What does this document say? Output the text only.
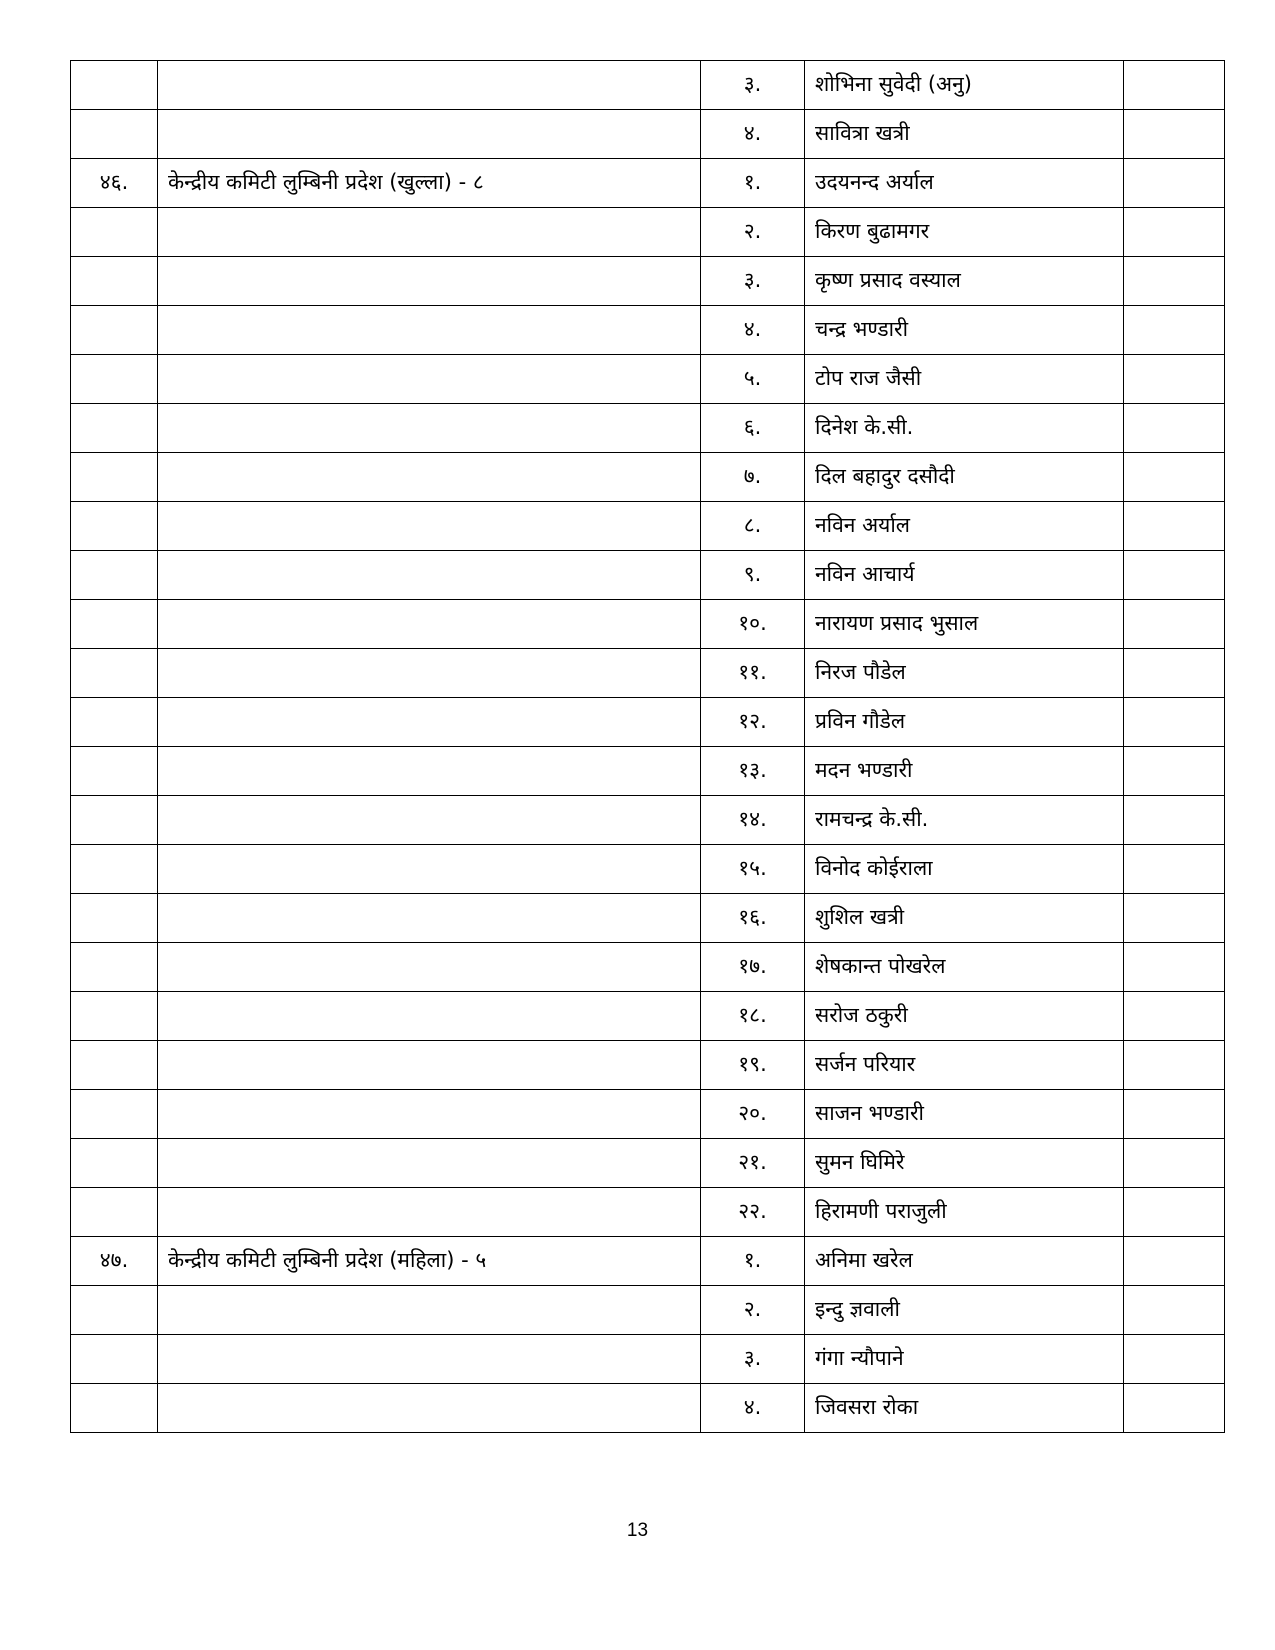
		३.	शोभिना सुवेदी (अनु)	
		४.	सावित्रा खत्री	
४६.	केन्द्रीय कमिटी लुम्बिनी प्रदेश (खुल्ला) - ८	१.	उदयनन्द अर्याल	
		२.	किरण बुढामगर	
		३.	कृष्ण प्रसाद वस्याल	
		४.	चन्द्र भण्डारी	
		५.	टोप राज जैसी	
		६.	दिनेश के.सी.	
		७.	दिल बहादुर दसौदी	
		८.	नविन अर्याल	
		९.	नविन आचार्य	
		१०.	नारायण प्रसाद भुसाल	
		११.	निरज पौडेल	
		१२.	प्रविन गौडेल	
		१३.	मदन भण्डारी	
		१४.	रामचन्द्र के.सी.	
		१५.	विनोद कोईराला	
		१६.	शुशिल खत्री	
		१७.	शेषकान्त पोखरेल	
		१८.	सरोज ठकुरी	
		१९.	सर्जन परियार	
		२०.	साजन भण्डारी	
		२१.	सुमन घिमिरे	
		२२.	हिरामणी पराजुली	
४७.	केन्द्रीय कमिटी लुम्बिनी प्रदेश (महिला) - ५	१.	अनिमा खरेल	
		२.	इन्दु ज्ञवाली	
		३.	गंगा न्यौपाने	
		४.	जिवसरा रोका	
13
